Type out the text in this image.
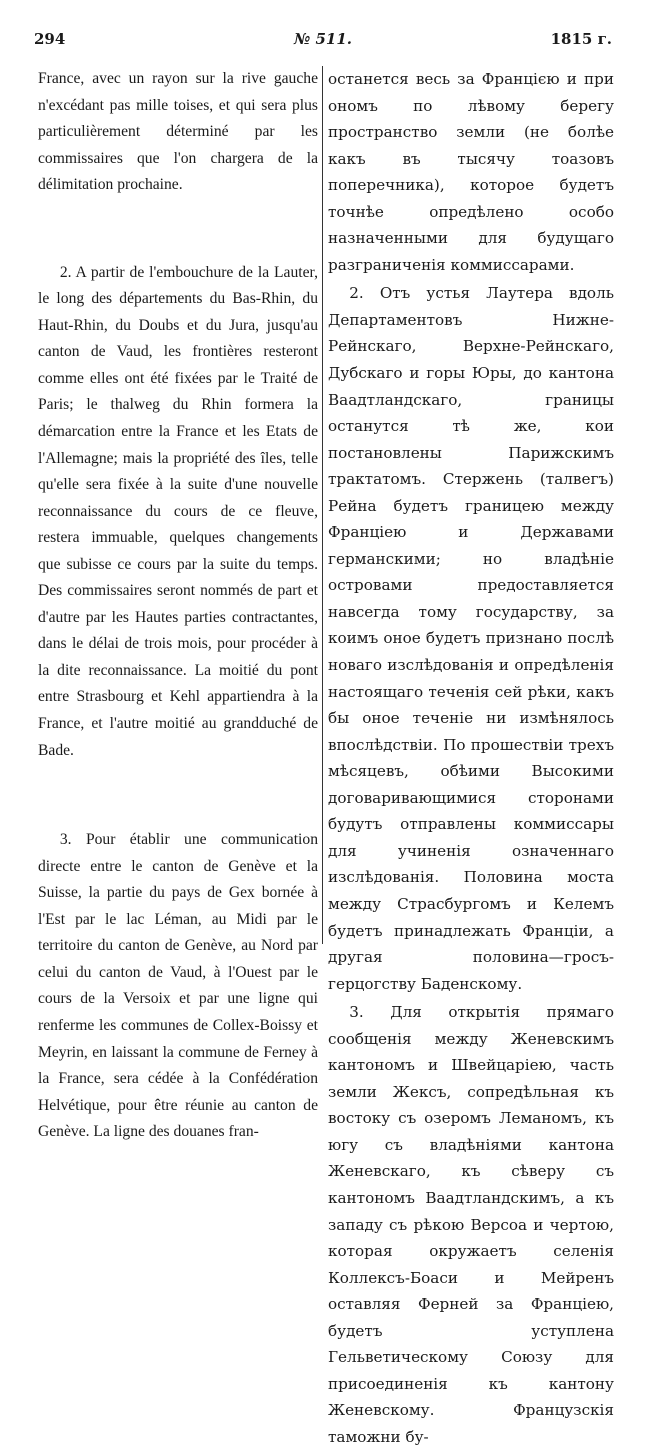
294	№ 511.	1815 г.

France, avec un rayon sur la rive gauche n'excédant pas mille toises, et qui sera plus particulièrement déterminé par les commissaires que l'on chargera de la délimitation prochaine.

2. A partir de l'embouchure de la Lauter, le long des départements du Bas-Rhin, du Haut-Rhin, du Doubs et du Jura, jusqu'au canton de Vaud, les frontières resteront comme elles ont été fixées par le Traité de Paris; le thalweg du Rhin formera la démarcation entre la France et les Etats de l'Allemagne; mais la propriété des îles, telle qu'elle sera fixée à la suite d'une nouvelle reconnaissance du cours de ce fleuve, restera immuable, quelques changements que subisse ce cours par la suite du temps. Des commissaires seront nommés de part et d'autre par les Hautes parties contractantes, dans le délai de trois mois, pour procéder à la dite reconnaissance. La moitié du pont entre Strasbourg et Kehl appartiendra à la France, et l'autre moitié au grandduché de Bade.

3. Pour établir une communication directe entre le canton de Genève et la Suisse, la partie du pays de Gex bornée à l'Est par le lac Léman, au Midi par le territoire du canton de Genève, au Nord par celui du canton de Vaud, à l'Ouest par le cours de la Versoix et par une ligne qui renferme les communes de Collex-Boissy et Meyrin, en laissant la commune de Ferney à la France, sera cédée à la Confédération Helvétique, pour être réunie au canton de Genève. La ligne des douanes fran-

останется весь за Францією и при ономъ по лѣвому берегу пространство земли (не болѣе какъ въ тысячу тоазовъ поперечника), которое будетъ точнѣе опредѣлено особо назначенными для будущаго разграниченія коммиссарами.

2. Отъ устья Лаутера вдоль Департаментовъ Нижне-Рейнскаго, Верхне-Рейнскаго, Дубскаго и горы Юры, до кантона Ваадтландскаго, границы останутся тѣ же, кои постановлены Парижскимъ трактатомъ. Стержень (талвегъ) Рейна будетъ границею между Франціею и Державами германскими; но владѣніе островами предоставляется навсегда тому государству, за коимъ оное будетъ признано послѣ новаго изслѣдованія и опредѣленія настоящаго теченія сей рѣки, какъ бы оное теченіе ни измѣнялось впослѣдствіи. По прошествіи трехъ мѣсяцевъ, обѣими Высокими договаривающимися сторонами будутъ отправлены коммиссары для учиненія означеннаго изслѣдованія. Половина моста между Страсбургомъ и Келемъ будетъ принадлежать Франціи, а другая половина—гросъ-герцогству Баденскому.

3. Для открытія прямаго сообщенія между Женевскимъ кантономъ и Швейцаріею, часть земли Жексъ, сопредѣльная къ востоку съ озеромъ Леманомъ, къ югу съ владѣніями кантона Женевскаго, къ сѣверу съ кантономъ Ваадтландскимъ, а къ западу съ рѣкою Версоа и чертою, которая окружаетъ селенія Коллексъ-Боаси и Мейренъ оставляя Ферней за Франціею, будетъ уступлена Гельветическому Союзу для присоединенія къ кантону Женевскому. Французскія таможни бу-
